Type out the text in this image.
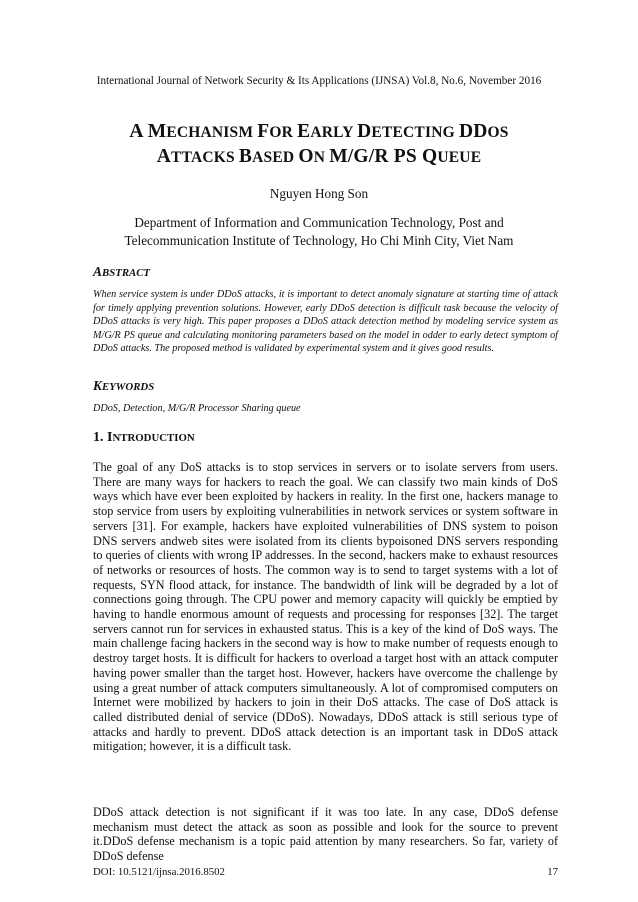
International Journal of Network Security & Its Applications (IJNSA) Vol.8, No.6, November 2016
A MECHANISM FOR EARLY DETECTING DDOS
ATTACKS BASED ON M/G/R PS QUEUE
Nguyen Hong Son
Department of Information and Communication Technology, Post and
Telecommunication Institute of Technology, Ho Chi Minh City, Viet Nam
ABSTRACT
When service system is under DDoS attacks, it is important to detect anomaly signature at starting time of attack for timely applying prevention solutions. However, early DDoS detection is difficult task because the velocity of DDoS attacks is very high. This paper proposes a DDoS attack detection method by modeling service system as M/G/R PS queue and calculating monitoring parameters based on the model in odder to early detect symptom of DDoS attacks. The proposed method is validated by experimental system and it gives good results.
KEYWORDS
DDoS, Detection, M/G/R Processor Sharing queue
1. INTRODUCTION
The goal of any DoS attacks is to stop services in servers or to isolate servers from users. There are many ways for hackers to reach the goal. We can classify two main kinds of DoS ways which have ever been exploited by hackers in reality. In the first one, hackers manage to stop service from users by exploiting vulnerabilities in network services or system software in servers [31]. For example, hackers have exploited vulnerabilities of DNS system to poison DNS servers andweb sites were isolated from its clients bypoisoned DNS servers responding to queries of clients with wrong IP addresses. In the second, hackers make to exhaust resources of networks or resources of hosts. The common way is to send to target systems with a lot of requests, SYN flood attack, for instance. The bandwidth of link will be degraded by a lot of connections going through. The CPU power and memory capacity will quickly be emptied by having to handle enormous amount of requests and processing for responses [32]. The target servers cannot run for services in exhausted status. This is a key of the kind of DoS ways. The main challenge facing hackers in the second way is how to make number of requests enough to destroy target hosts. It is difficult for hackers to overload a target host with an attack computer having power smaller than the target host. However, hackers have overcome the challenge by using a great number of attack computers simultaneously. A lot of compromised computers on Internet were mobilized by hackers to join in their DoS attacks. The case of DoS attack is called distributed denial of service (DDoS). Nowadays, DDoS attack is still serious type of attacks and hardly to prevent. DDoS attack detection is an important task in DDoS attack mitigation; however, it is a difficult task.
DDoS attack detection is not significant if it was too late. In any case, DDoS defense mechanism must detect the attack as soon as possible and look for the source to prevent it.DDoS defense mechanism is a topic paid attention by many researchers. So far, variety of DDoS defense
DOI: 10.5121/ijnsa.2016.8502	17
